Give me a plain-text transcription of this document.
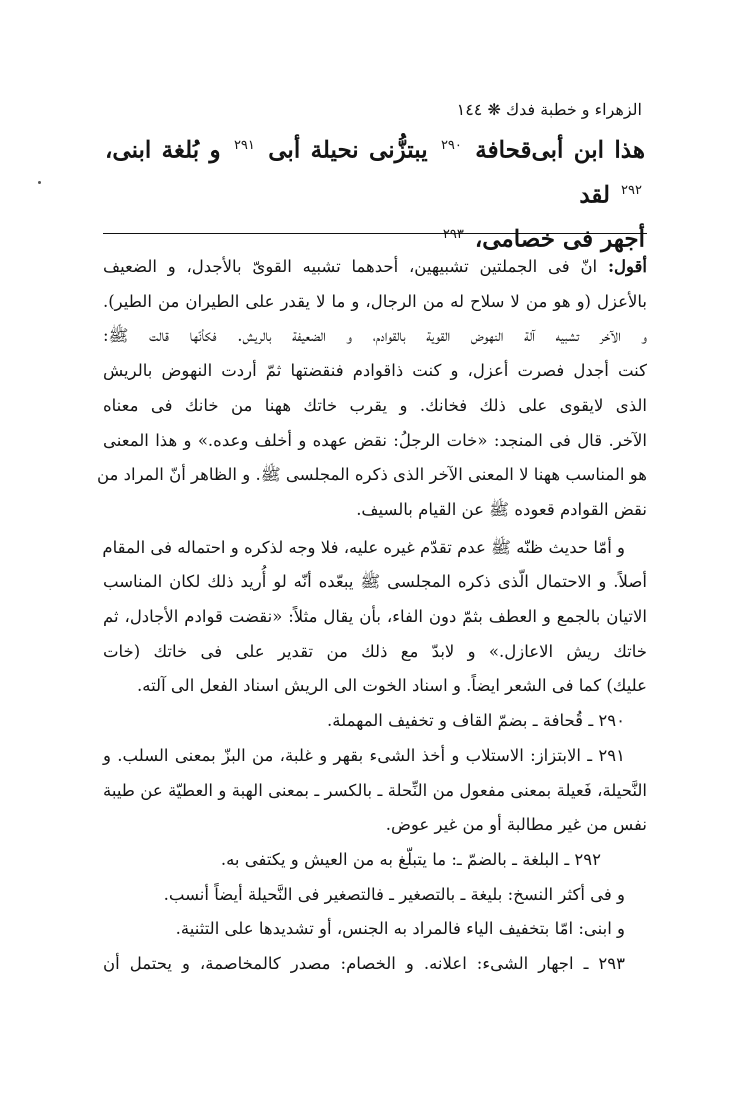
الزهراء و خطبة فدك ❋ ١٤٤
هذا ابن أبى‌قحافة $^{٢٩٠}$ يبتزُّنى نحيلة أبى $^{٢٩١}$ و بُلغة ابنى، $^{٢٩٢}$ لقد
أجهر فى خصامى، $^{٢٩٣}$
أقول: انّ فى الجملتين تشبيهين، أحدهما تشبيه القوىّ بالأجدل، و الضعيف
بالأعزل (و هو من لا سلاح له من الرجال، و ما لا يقدر على الطيران من الطير).
و الآخر تشبيه آلة النهوض القوية بالقوادم، و الضعيفة بالريش. فكأنّها قالت ﷺ:
كنت أجدل فصرت أعزل، و كنت ذاقوادم فنقضتها ثمّ أردت النهوض بالريش
الذى لايقوى على ذلك فخانك. و يقرب خاتك ههنا من خانك فى معناه
الآخر. قال فى المنجد: «خات الرجلُ: نقض عهده و أخلف وعده.» و هذا المعنى
هو المناسب ههنا لا المعنى الآخر الذى ذكره المجلسى ﷺ. و الظاهر أنّ المراد من
نقض القوادم قعوده ﷺ عن القيام بالسيف.
و أمّا حديث ظنّه ﷺ عدم تقدّم غيره عليه، فلا وجه لذكره و احتماله فى المقام
أصلاً. و الاحتمال الّذى ذكره المجلسى ﷺ يبعّده أنّه لو أُريد ذلك لكان المناسب
الاتيان بالجمع و العطف بثمّ دون الفاء، بأن يقال مثلاً: «نقضت قوادم الأجادل، ثم
خاتك ريش الاعازل.» و لابدّ مع ذلك من تقدير على فى خاتك (خات
عليك) كما فى الشعر ايضاً. و اسناد الخوت الى الريش اسناد الفعل الى آلته.
٢٩٠ ـ قُحافة ـ بضمّ القاف و تخفيف المهملة.
٢٩١ ـ الابتزاز: الاستلاب و أخذ الشىء بقهر و غلبة، من البزّ بمعنى السلب. و
النَّحيلة، فَعيلة بمعنى مفعول من النِّحلة ـ بالكسر ـ بمعنى الهبة و العطيّة عن طيبة
نفس من غير مطالبة أو من غير عوض.
٢٩٢ ـ البلغة ـ بالضمّ ـ: ما يتبلّغ به من العيش و يكتفى به.
و فى أكثر النسخ: بليغة ـ بالتصغير ـ فالتصغير فى النَّحيلة أيضاً أنسب.
و ابنى: امّا بتخفيف الياء فالمراد به الجنس، أو تشديدها على التثنية.
٢٩٣ ـ اجهار الشىء: اعلانه. و الخصام: مصدر كالمخاصمة، و يحتمل أن
